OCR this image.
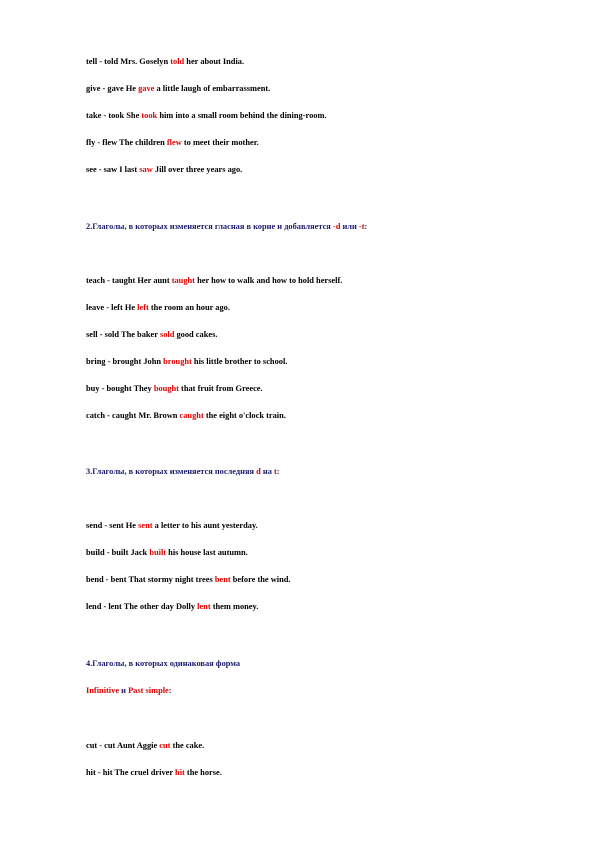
tell - told Mrs. Goselyn told her about India.
give - gave He gave a little laugh of embarrassment.
take - took She took him into a small room behind the dining-room.
fly - flew The children flew to meet their mother.
see - saw I last saw Jill over three years ago.
2.Глаголы, в которых изменяется гласная в корне и добавляется -d или -t:
teach - taught Her aunt taught her how to walk and how to hold herself.
leave - left He left the room an hour ago.
sell - sold The baker sold good cakes.
bring - brought John brought his little brother to school.
buy - bought They bought that fruit from Greece.
catch - caught Mr. Brown caught the eight o'clock train.
3.Глаголы, в которых изменяется последняя d на t:
send - sent He sent a letter to his aunt yesterday.
build - built Jack built his house last autumn.
bend - bent That stormy night trees bent before the wind.
lend - lent The other day Dolly lent them money.
4.Глаголы, в которых одинаковая форма
Infinitive и Past simple:
cut - cut Aunt Aggie cut the cake.
hit - hit The cruel driver hit the horse.
